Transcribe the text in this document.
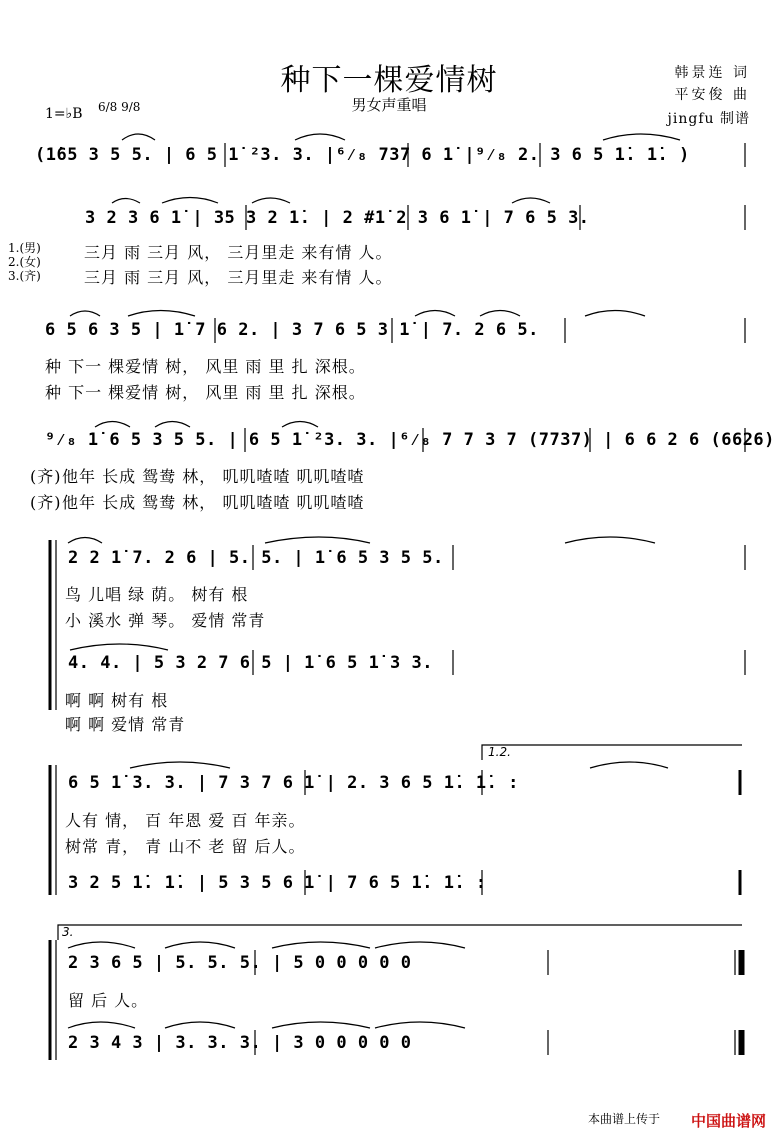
种下一棵爱情树
男女声重唱
韩景连 词
平安俊 曲
jingfu 制谱
1=♭B 6/8 9/8
(1̇65 3 5 5. | 6 5 1̇ ²3. 3. |⁶⁄₈ 737 6 1̇ |⁹⁄₈ 2. 3 6 5 1̇. 1̇. )
3 2 3 6 1̇ | 35 3 2 1̇. | 2 #1̇ 2 3 6 1̇ | 7 6 5 3.
6 5 6 3 5 | 1̇ 7 6 2. | 3 7 6 5 3 1̇ | 7. 2 6 5.
⁹⁄₈ 1̇ 6 5 3 5 5. | 6 5 1̇ ²3. 3. |⁶⁄₈ 7 7 3 7 (7737) | 6 6 2 6 (6626)
2 2 1̇ 7. 2 6 | 5. 5. | 1̇ 6 5 3 5 5.
4. 4. | 5 3 2 7 6 5 | 1̇ 6 5 1̇ 3 3.
6 5 1̇ 3. 3. | 7 3 7 6 1̇ | 2. 3 6 5 1̇. 1̇. :
3 2 5 1̇. 1̇. | 5 3 5 6 1̇ | 7 6 5 1̇. 1̇. :
2 3 6 5 | 5. 5. 5. | 5 0 0 0 0 0
2 3 4 3 | 3. 3. 3. | 3 0 0 0 0 0
1.(男)
2.(女)
3.(齐)
三月 雨 三月 风， 三月里走 来有情 人。
三月 雨 三月 风， 三月里走 来有情 人。
种 下一 棵爱情 树， 风里 雨 里 扎 深根。
种 下一 棵爱情 树， 风里 雨 里 扎 深根。
(齐) 他年 长成 鸳鸯 林， 叽叽喳喳 叽叽喳喳
(齐) 他年 长成 鸳鸯 林， 叽叽喳喳 叽叽喳喳
鸟 儿唱 绿 荫。 树有 根
小 溪水 弹 琴。 爱情 常青
啊 啊 树有 根
啊 啊 爱情 常青
人有 情， 百 年恩 爱 百 年亲。
树常 青， 青 山不 老 留 后人。
留 后 人。
1.2.
3.
本曲谱上传于 中国曲谱网
